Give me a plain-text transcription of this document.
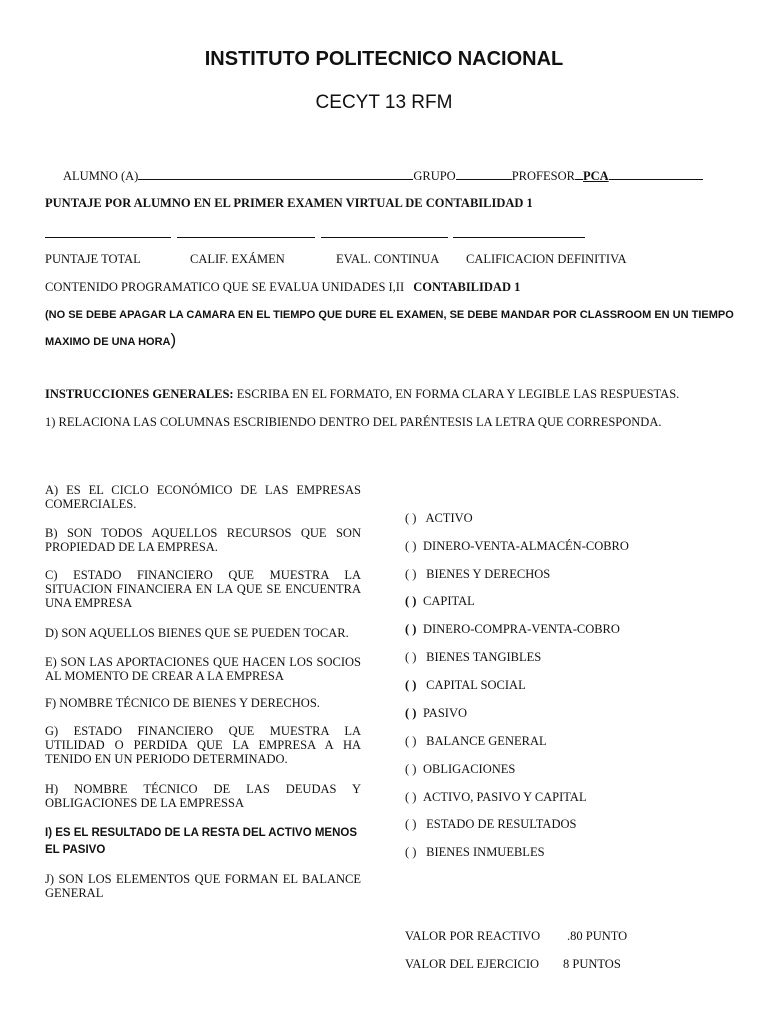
INSTITUTO POLITECNICO NACIONAL
CECYT 13 RFM
ALUMNO (A)	GRUPO	PROFESOR PCA
PUNTAJE POR ALUMNO EN EL PRIMER EXAMEN VIRTUAL DE CONTABILIDAD 1
PUNTAJE TOTAL	CALIF. EXÁMEN	EVAL. CONTINUA CALIFICACION DEFINITIVA
CONTENIDO PROGRAMATICO QUE SE EVALUA UNIDADES I,II CONTABILIDAD 1
(NO SE DEBE APAGAR LA CAMARA EN EL TIEMPO QUE DURE EL EXAMEN, SE DEBE MANDAR POR CLASSROOM EN UN TIEMPO
MAXIMO DE UNA HORA)
INSTRUCCIONES GENERALES: ESCRIBA EN EL FORMATO, EN FORMA CLARA Y LEGIBLE LAS RESPUESTAS.
1) RELACIONA LAS COLUMNAS ESCRIBIENDO DENTRO DEL PARÉNTESIS LA LETRA QUE CORRESPONDA.
A) ES EL CICLO ECONÓMICO DE LAS EMPRESAS COMERCIALES.
B) SON TODOS AQUELLOS RECURSOS QUE SON PROPIEDAD DE LA EMPRESA.
C) ESTADO FINANCIERO QUE MUESTRA LA SITUACION FINANCIERA EN LA QUE SE ENCUENTRA UNA EMPRESA
D) SON AQUELLOS BIENES QUE SE PUEDEN TOCAR.
E) SON LAS APORTACIONES QUE HACEN LOS SOCIOS AL MOMENTO DE CREAR A LA EMPRESA
F) NOMBRE TÉCNICO DE BIENES Y DERECHOS.
G) ESTADO FINANCIERO QUE MUESTRA LA UTILIDAD O PERDIDA QUE LA EMPRESA A HA TENIDO EN UN PERIODO DETERMINADO.
H) NOMBRE TÉCNICO DE LAS DEUDAS Y OBLIGACIONES DE LA EMPRESSA
I) ES EL RESULTADO DE LA RESTA DEL ACTIVO MENOS EL PASIVO
J) SON LOS ELEMENTOS QUE FORMAN EL BALANCE GENERAL
( ) ACTIVO
( ) DINERO-VENTA-ALMACÉN-COBRO
( ) BIENES Y DERECHOS
( ) CAPITAL
( ) DINERO-COMPRA-VENTA-COBRO
( ) BIENES TANGIBLES
( ) CAPITAL SOCIAL
( ) PASIVO
( ) BALANCE GENERAL
( ) OBLIGACIONES
( ) ACTIVO, PASIVO Y CAPITAL
( ) ESTADO DE RESULTADOS
( ) BIENES INMUEBLES
VALOR POR REACTIVO .80 PUNTO
VALOR DEL EJERCICIO 8 PUNTOS
